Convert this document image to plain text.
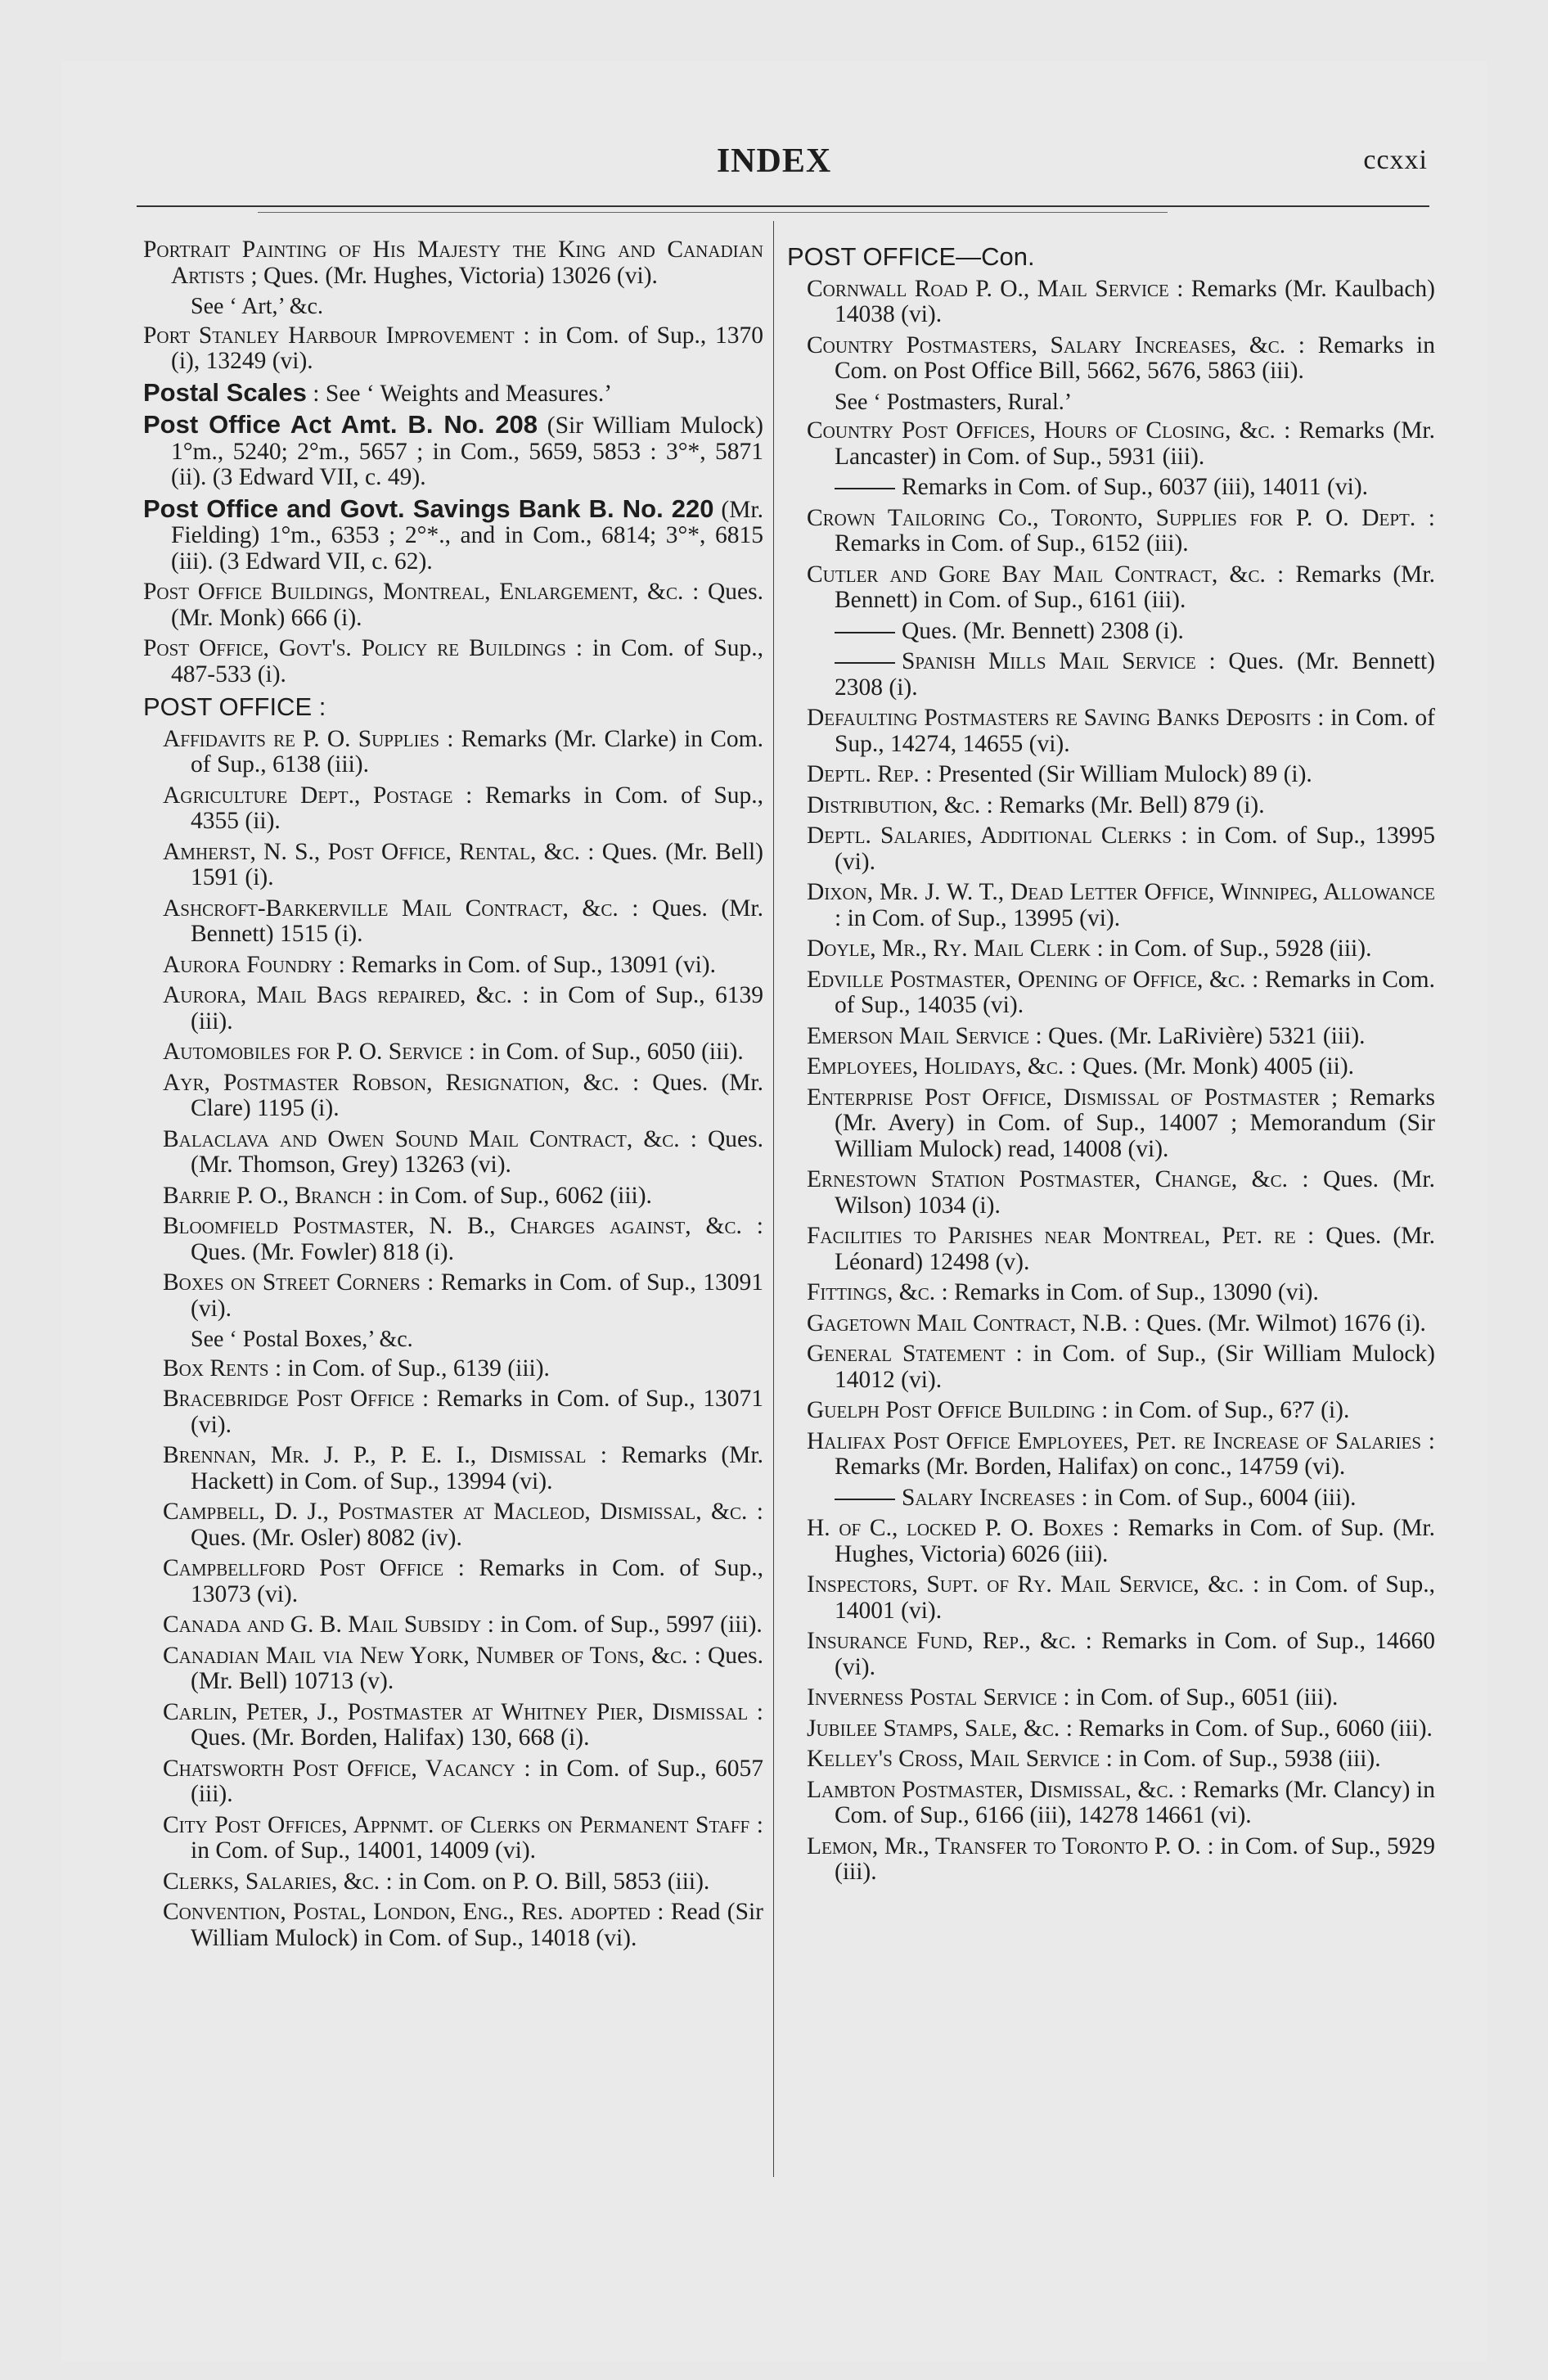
INDEX	ccxxi
Portrait Painting of His Majesty the King and Canadian Artists ; Ques. (Mr. Hughes, Victoria) 13026 (vi).
See ‘ Art,’ &c.
Port Stanley Harbour Improvement : in Com. of Sup., 1370 (i), 13249 (vi).
Postal Scales : See ‘ Weights and Measures.’
Post Office Act Amt. B. No. 208 (Sir William Mulock) 1°m., 5240; 2°m., 5657 ; in Com., 5659, 5853 : 3°*, 5871 (ii). (3 Edward VII, c. 49).
Post Office and Govt. Savings Bank B. No. 220 (Mr. Fielding) 1°m., 6353 ; 2°*., and in Com., 6814; 3°*, 6815 (iii). (3 Edward VII, c. 62).
Post Office Buildings, Montreal, Enlargement, &c. : Ques. (Mr. Monk) 666 (i).
Post Office, Govt's. Policy re Buildings : in Com. of Sup., 487-533 (i).
POST OFFICE :
Affidavits re P. O. Supplies : Remarks (Mr. Clarke) in Com. of Sup., 6138 (iii).
Agriculture Dept., Postage : Remarks in Com. of Sup., 4355 (ii).
Amherst, N. S., Post Office, Rental, &c. : Ques. (Mr. Bell) 1591 (i).
Ashcroft-Barkerville Mail Contract, &c. : Ques. (Mr. Bennett) 1515 (i).
Aurora Foundry : Remarks in Com. of Sup., 13091 (vi).
Aurora, Mail Bags repaired, &c. : in Com of Sup., 6139 (iii).
Automobiles for P. O. Service : in Com. of Sup., 6050 (iii).
Ayr, Postmaster Robson, Resignation, &c. : Ques. (Mr. Clare) 1195 (i).
Balaclava and Owen Sound Mail Contract, &c. : Ques. (Mr. Thomson, Grey) 13263 (vi).
Barrie P. O., Branch : in Com. of Sup., 6062 (iii).
Bloomfield Postmaster, N. B., Charges against, &c. : Ques. (Mr. Fowler) 818 (i).
Boxes on Street Corners : Remarks in Com. of Sup., 13091 (vi).
See ‘ Postal Boxes,’ &c.
Box Rents : in Com. of Sup., 6139 (iii).
Bracebridge Post Office : Remarks in Com. of Sup., 13071 (vi).
Brennan, Mr. J. P., P. E. I., Dismissal : Remarks (Mr. Hackett) in Com. of Sup., 13994 (vi).
Campbell, D. J., Postmaster at Macleod, Dismissal, &c. : Ques. (Mr. Osler) 8082 (iv).
Campbellford Post Office : Remarks in Com. of Sup., 13073 (vi).
Canada and G. B. Mail Subsidy : in Com. of Sup., 5997 (iii).
Canadian Mail via New York, Number of Tons, &c. : Ques. (Mr. Bell) 10713 (v).
Carlin, Peter, J., Postmaster at Whitney Pier, Dismissal : Ques. (Mr. Borden, Halifax) 130, 668 (i).
Chatsworth Post Office, Vacancy : in Com. of Sup., 6057 (iii).
City Post Offices, Appnmt. of Clerks on Permanent Staff : in Com. of Sup., 14001, 14009 (vi).
Clerks, Salaries, &c. : in Com. on P. O. Bill, 5853 (iii).
Convention, Postal, London, Eng., Res. adopted : Read (Sir William Mulock) in Com. of Sup., 14018 (vi).
POST OFFICE—Con.
Cornwall Road P. O., Mail Service : Remarks (Mr. Kaulbach) 14038 (vi).
Country Postmasters, Salary Increases, &c. : Remarks in Com. on Post Office Bill, 5662, 5676, 5863 (iii).
See ‘ Postmasters, Rural.’
Country Post Offices, Hours of Closing, &c. : Remarks (Mr. Lancaster) in Com. of Sup., 5931 (iii).
Remarks in Com. of Sup., 6037 (iii), 14011 (vi).
Crown Tailoring Co., Toronto, Supplies for P. O. Dept. : Remarks in Com. of Sup., 6152 (iii).
Cutler and Gore Bay Mail Contract, &c. : Remarks (Mr. Bennett) in Com. of Sup., 6161 (iii).
Ques. (Mr. Bennett) 2308 (i).
Spanish Mills Mail Service : Ques. (Mr. Bennett) 2308 (i).
Defaulting Postmasters re Saving Banks Deposits : in Com. of Sup., 14274, 14655 (vi).
Deptl. Rep. : Presented (Sir William Mulock) 89 (i).
Distribution, &c. : Remarks (Mr. Bell) 879 (i).
Deptl. Salaries, Additional Clerks : in Com. of Sup., 13995 (vi).
Dixon, Mr. J. W. T., Dead Letter Office, Winnipeg, Allowance : in Com. of Sup., 13995 (vi).
Doyle, Mr., Ry. Mail Clerk : in Com. of Sup., 5928 (iii).
Edville Postmaster, Opening of Office, &c. : Remarks in Com. of Sup., 14035 (vi).
Emerson Mail Service : Ques. (Mr. LaRivière) 5321 (iii).
Employees, Holidays, &c. : Ques. (Mr. Monk) 4005 (ii).
Enterprise Post Office, Dismissal of Postmaster ; Remarks (Mr. Avery) in Com. of Sup., 14007 ; Memorandum (Sir William Mulock) read, 14008 (vi).
Ernestown Station Postmaster, Change, &c. : Ques. (Mr. Wilson) 1034 (i).
Facilities to Parishes near Montreal, Pet. re : Ques. (Mr. Léonard) 12498 (v).
Fittings, &c. : Remarks in Com. of Sup., 13090 (vi).
Gagetown Mail Contract, N.B. : Ques. (Mr. Wilmot) 1676 (i).
General Statement : in Com. of Sup., (Sir William Mulock) 14012 (vi).
Guelph Post Office Building : in Com. of Sup., 6?7 (i).
Halifax Post Office Employees, Pet. re Increase of Salaries : Remarks (Mr. Borden, Halifax) on conc., 14759 (vi).
Salary Increases : in Com. of Sup., 6004 (iii).
H. of C., locked P. O. Boxes : Remarks in Com. of Sup. (Mr. Hughes, Victoria) 6026 (iii).
Inspectors, Supt. of Ry. Mail Service, &c. : in Com. of Sup., 14001 (vi).
Insurance Fund, Rep., &c. : Remarks in Com. of Sup., 14660 (vi).
Inverness Postal Service : in Com. of Sup., 6051 (iii).
Jubilee Stamps, Sale, &c. : Remarks in Com. of Sup., 6060 (iii).
Kelley's Cross, Mail Service : in Com. of Sup., 5938 (iii).
Lambton Postmaster, Dismissal, &c. : Remarks (Mr. Clancy) in Com. of Sup., 6166 (iii), 14278 14661 (vi).
Lemon, Mr., Transfer to Toronto P. O. : in Com. of Sup., 5929 (iii).
